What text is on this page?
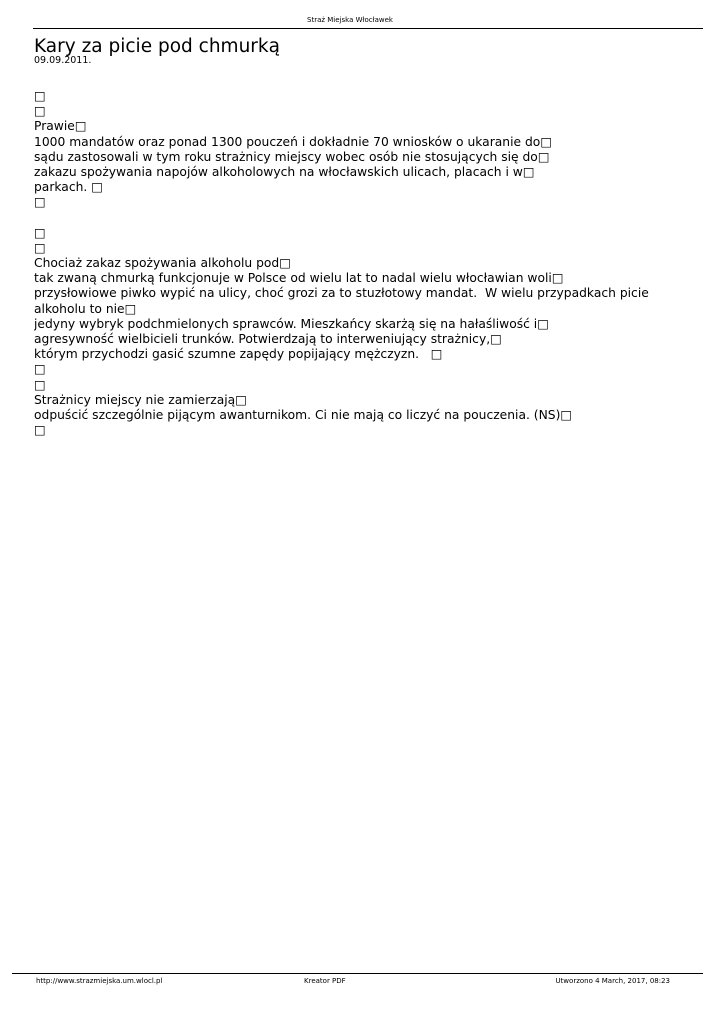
Straż Miejska Włocławek
Kary za picie pod chmurką
09.09.2011.
□
□
Prawie□
1000 mandatów oraz ponad 1300 pouczeń i dokładnie 70 wniosków o ukaranie do□
sądu zastosowali w tym roku strażnicy miejscy wobec osób nie stosujących się do□
zakazu spożywania napojów alkoholowych na włocławskich ulicach, placach i w□
parkach. □
□
□
□
Chociaż zakaz spożywania alkoholu pod□
tak zwaną chmurką funkcjonuje w Polsce od wielu lat to nadal wielu włocławian woli□
przysłowiowe piwko wypić na ulicy, choć grozi za to stuzłotowy mandat.  W wielu przypadkach picie
alkoholu to nie□
jedyny wybryk podchmielonych sprawców. Mieszkańcy skarżą się na hałaśliwość i□
agresywność wielbicieli trunków. Potwierdzają to interweniujący strażnicy,□
którym przychodzi gasić szumne zapędy popijający mężczyzn.   □
□
□
Strażnicy miejscy nie zamierzają□
odpuścić szczególnie pijącym awanturnikom. Ci nie mają co liczyć na pouczenia. (NS)□
□
http://www.strazmiejska.um.wlocl.pl	Kreator PDF	Utworzono 4 March, 2017, 08:23
